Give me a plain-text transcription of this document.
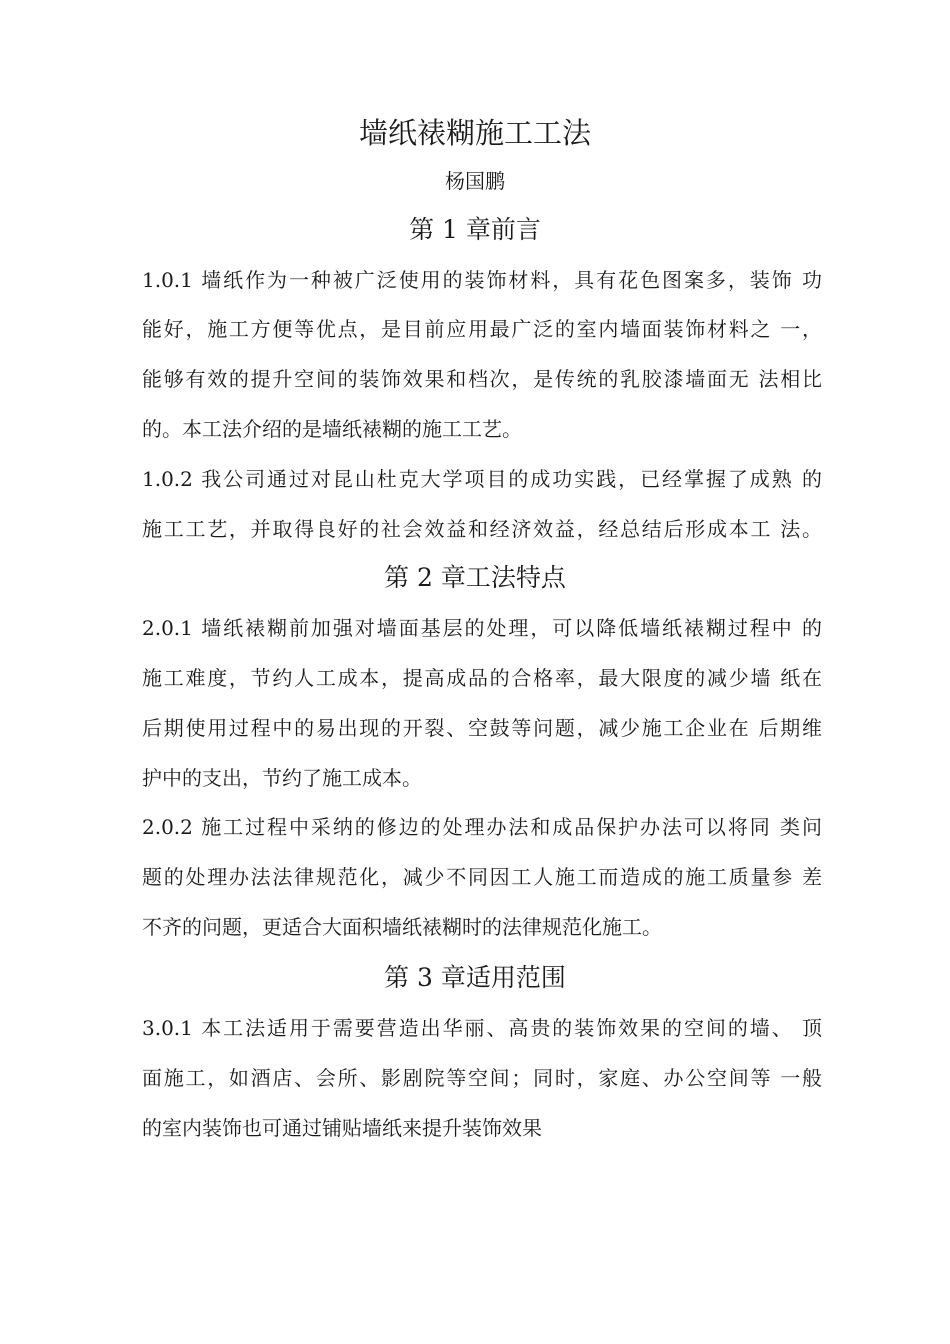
墙纸裱糊施工工法
杨国鹏
第 1 章前言
1.0.1 墙纸作为一种被广泛使用的装饰材料，具有花色图案多，装饰 功
能好，施工方便等优点，是目前应用最广泛的室内墙面装饰材料之 一，
能够有效的提升空间的装饰效果和档次，是传统的乳胶漆墙面无 法相比
的。本工法介绍的是墙纸裱糊的施工工艺。
1.0.2 我公司通过对昆山杜克大学项目的成功实践，已经掌握了成熟 的
施工工艺，并取得良好的社会效益和经济效益，经总结后形成本工 法。
第 2 章工法特点
2.0.1 墙纸裱糊前加强对墙面基层的处理，可以降低墙纸裱糊过程中 的
施工难度，节约人工成本，提高成品的合格率，最大限度的减少墙 纸在
后期使用过程中的易出现的开裂、空鼓等问题，减少施工企业在 后期维
护中的支出，节约了施工成本。
2.0.2 施工过程中采纳的修边的处理办法和成品保护办法可以将同 类问
题的处理办法法律规范化，减少不同因工人施工而造成的施工质量参 差
不齐的问题，更适合大面积墙纸裱糊时的法律规范化施工。
第 3 章适用范围
3.0.1 本工法适用于需要营造出华丽、高贵的装饰效果的空间的墙、 顶
面施工，如酒店、会所、影剧院等空间；同时，家庭、办公空间等 一般
的室内装饰也可通过铺贴墙纸来提升装饰效果
